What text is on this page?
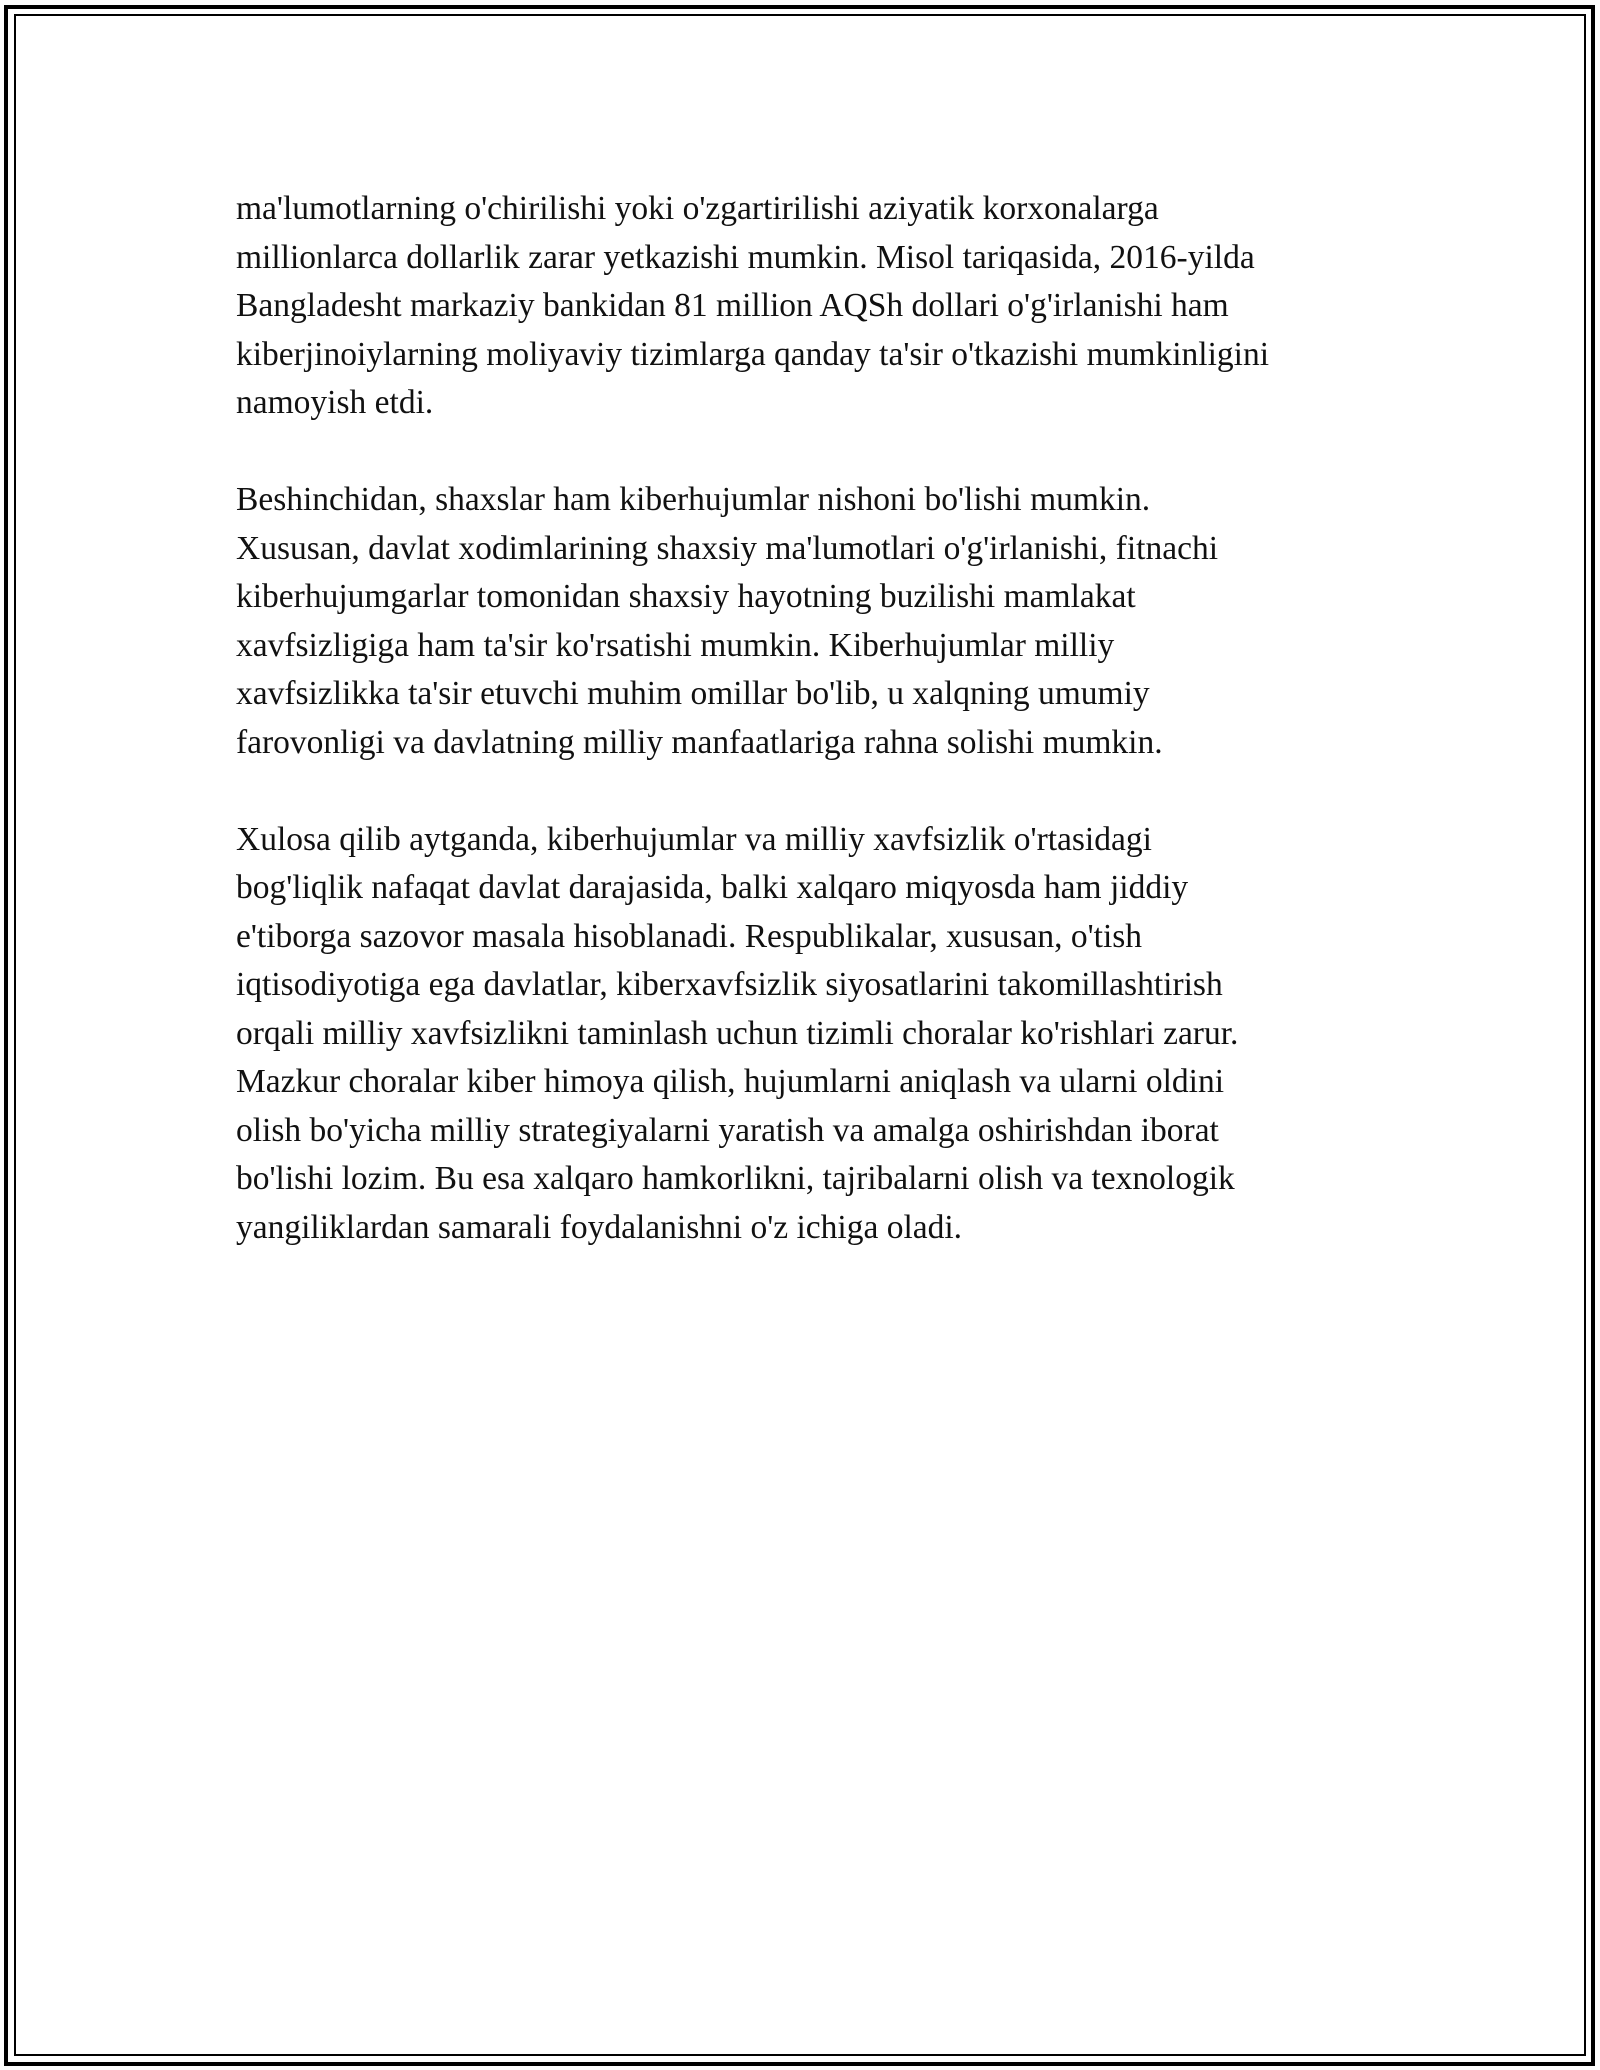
ma'lumotlarning o'chirilishi yoki o'zgartirilishi aziyatik korxonalarga
millionlarca dollarlik zarar yetkazishi mumkin. Misol tariqasida, 2016-yilda
Bangladesht markaziy bankidan 81 million AQSh dollari o'g'irlanishi ham
kiberjinoiylarning moliyaviy tizimlarga qanday ta'sir o'tkazishi mumkinligini
namoyish etdi.
Beshinchidan, shaxslar ham kiberhujumlar nishoni bo'lishi mumkin.
Xususan, davlat xodimlarining shaxsiy ma'lumotlari o'g'irlanishi, fitnachi
kiberhujumgarlar tomonidan shaxsiy hayotning buzilishi mamlakat
xavfsizligiga ham ta'sir ko'rsatishi mumkin. Kiberhujumlar milliy
xavfsizlikka ta'sir etuvchi muhim omillar bo'lib, u xalqning umumiy
farovonligi va davlatning milliy manfaatlariga rahna solishi mumkin.
Xulosa qilib aytganda, kiberhujumlar va milliy xavfsizlik o'rtasidagi
bog'liqlik nafaqat davlat darajasida, balki xalqaro miqyosda ham jiddiy
e'tiborga sazovor masala hisoblanadi. Respublikalar, xususan, o'tish
iqtisodiyotiga ega davlatlar, kiberxavfsizlik siyosatlarini takomillashtirish
orqali milliy xavfsizlikni taminlash uchun tizimli choralar ko'rishlari zarur.
Mazkur choralar kiber himoya qilish, hujumlarni aniqlash va ularni oldini
olish bo'yicha milliy strategiyalarni yaratish va amalga oshirishdan iborat
bo'lishi lozim. Bu esa xalqaro hamkorlikni, tajribalarni olish va texnologik
yangiliklardan samarali foydalanishni o'z ichiga oladi.
